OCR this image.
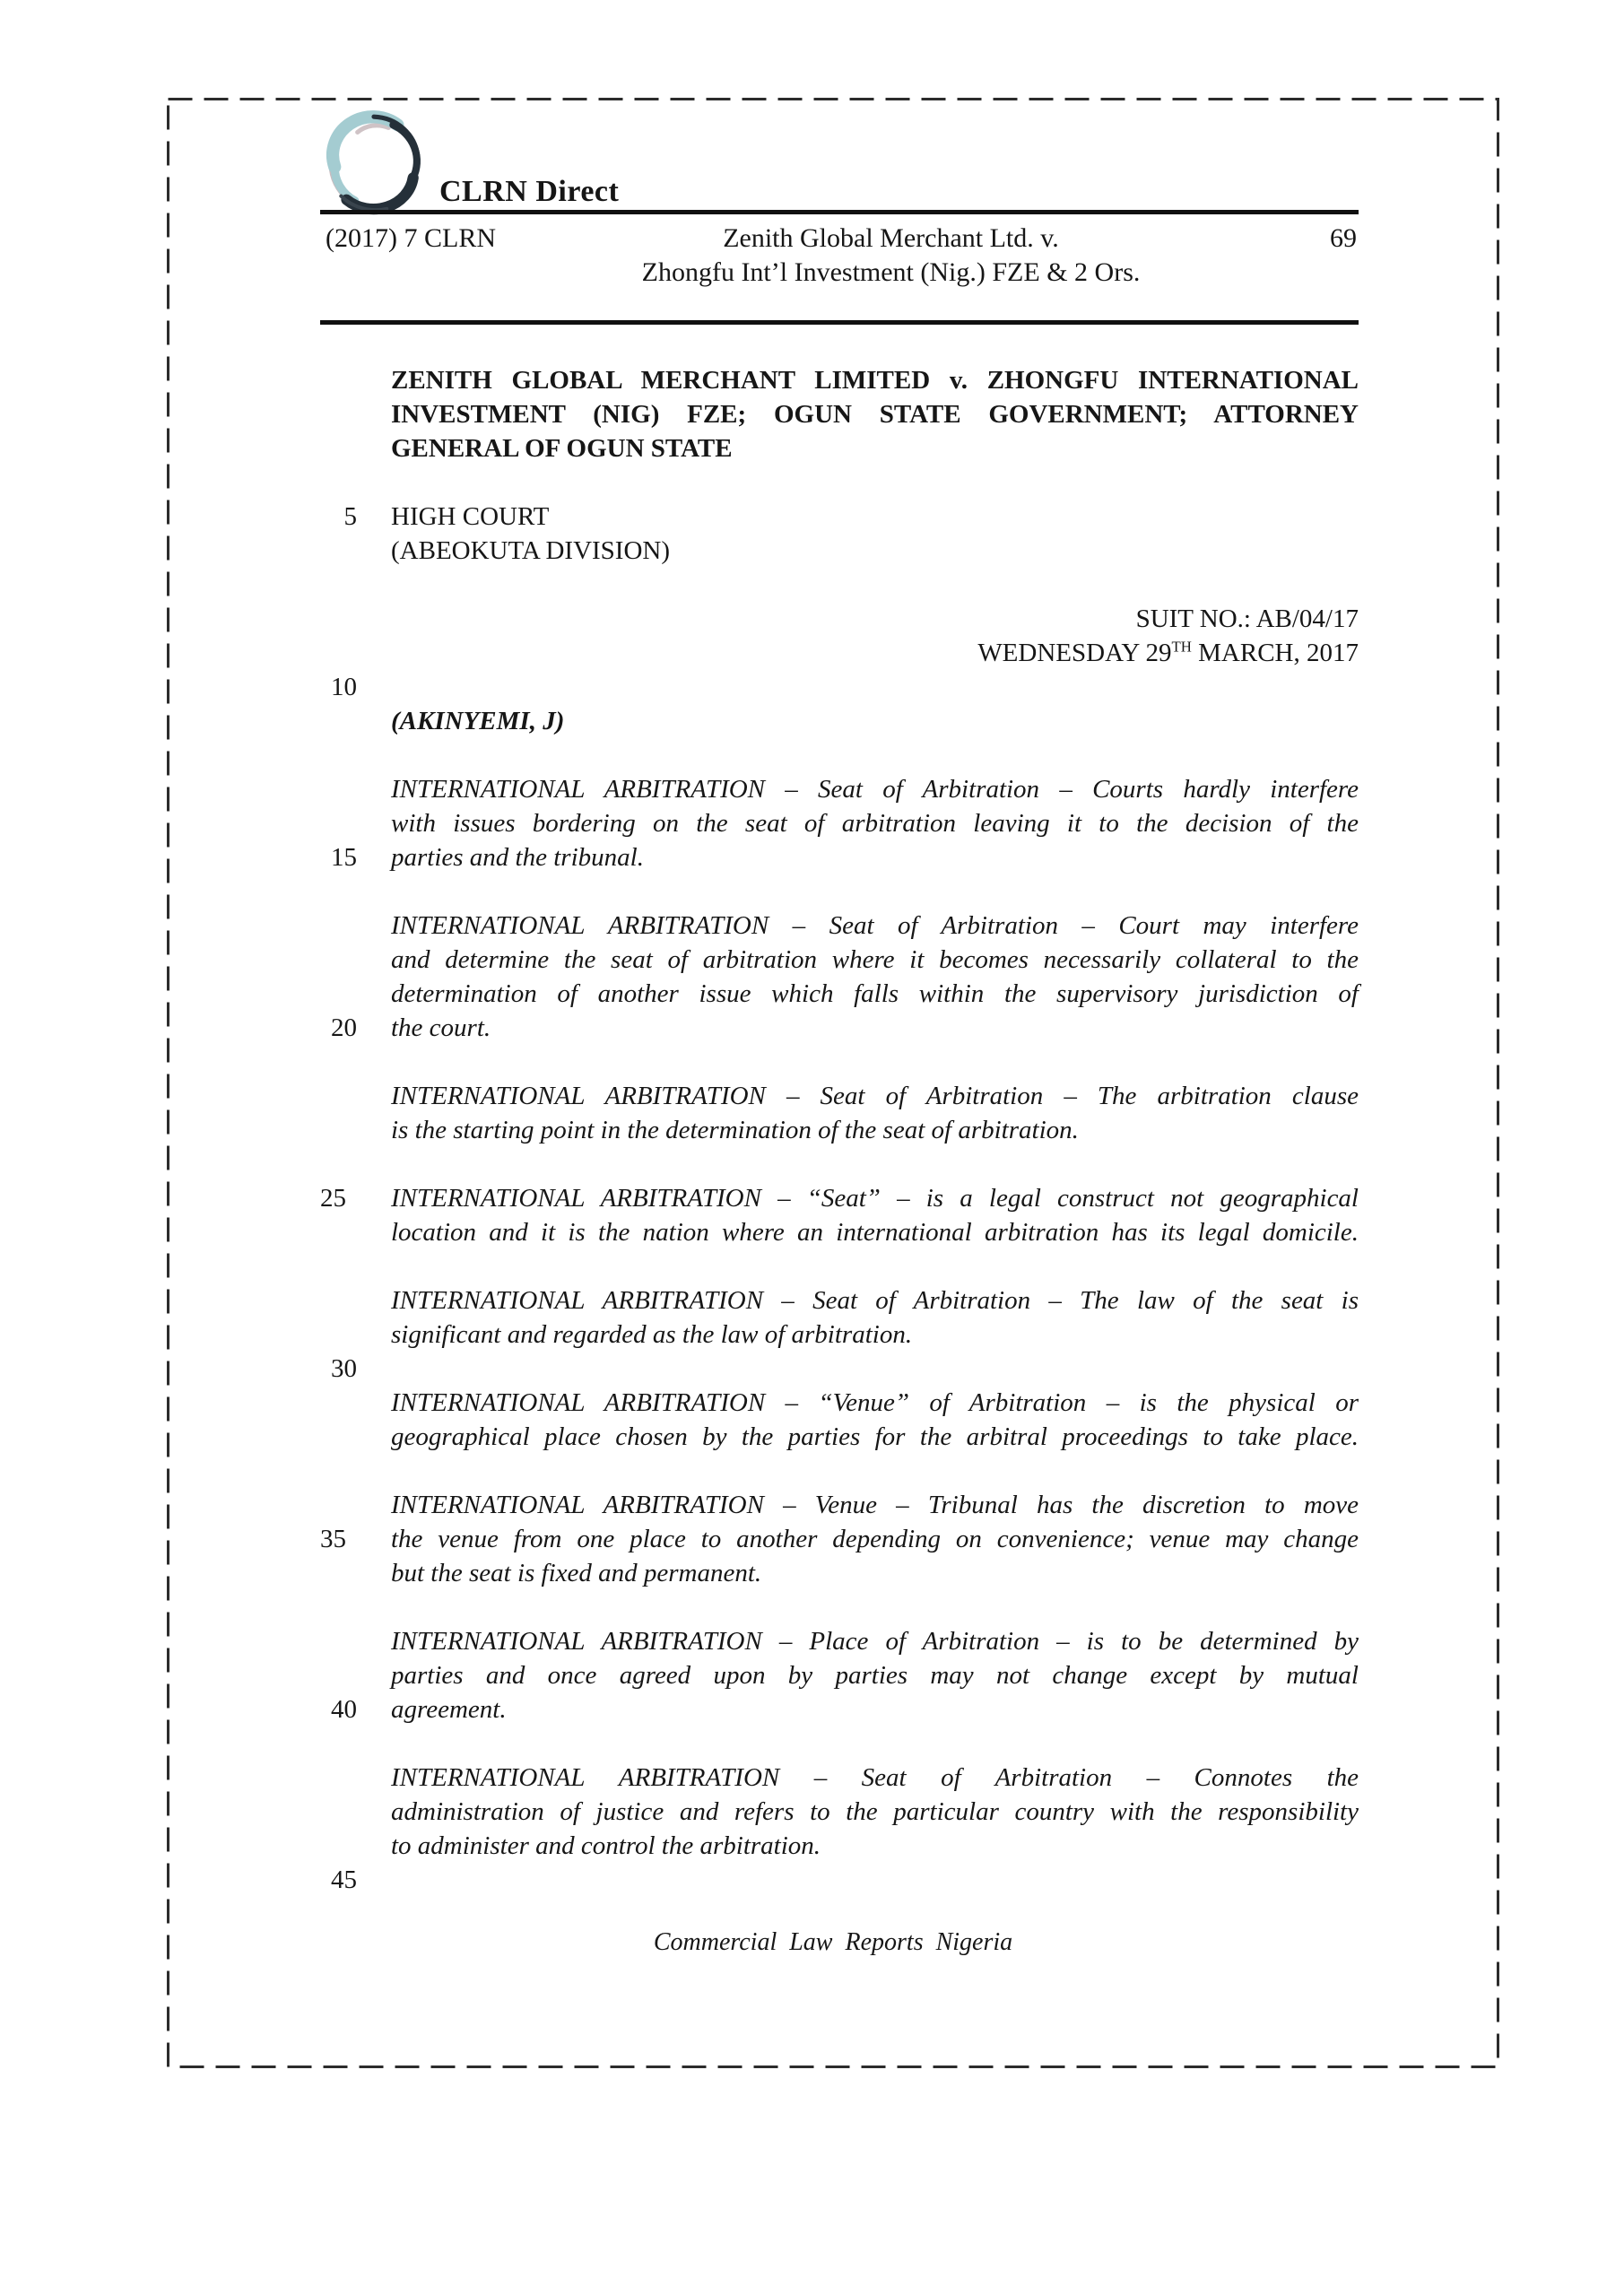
CLRN Direct
(2017) 7 CLRN	Zenith Global Merchant Ltd. v.	69
Zhongfu Int’l Investment (Nig.) FZE & 2 Ors.
ZENITH GLOBAL MERCHANT LIMITED v. ZHONGFU INTERNATIONAL
INVESTMENT (NIG) FZE; OGUN STATE GOVERNMENT; ATTORNEY
GENERAL OF OGUN STATE
5 HIGH COURT
(ABEOKUTA DIVISION)
SUIT NO.: AB/04/17
WEDNESDAY 29TH MARCH, 2017
10
(AKINYEMI, J)
INTERNATIONAL ARBITRATION – Seat of Arbitration – Courts hardly interfere
with issues bordering on the seat of arbitration leaving it to the decision of the
15 parties and the tribunal.
INTERNATIONAL ARBITRATION – Seat of Arbitration – Court may interfere
and determine the seat of arbitration where it becomes necessarily collateral to the
determination of another issue which falls within the supervisory jurisdiction of
20 the court.
INTERNATIONAL ARBITRATION – Seat of Arbitration – The arbitration clause
is the starting point in the determination of the seat of arbitration.
25	INTERNATIONAL ARBITRATION – “Seat” – is a legal construct not geographical
location and it is the nation where an international arbitration has its legal domicile.
INTERNATIONAL ARBITRATION – Seat of Arbitration – The law of the seat is
significant and regarded as the law of arbitration.
30
INTERNATIONAL ARBITRATION – “Venue” of Arbitration – is the physical or
geographical place chosen by the parties for the arbitral proceedings to take place.
INTERNATIONAL ARBITRATION – Venue – Tribunal has the discretion to move
35	the venue from one place to another depending on convenience; venue may change
but the seat is fixed and permanent.
INTERNATIONAL ARBITRATION – Place of Arbitration – is to be determined by
parties and once agreed upon by parties may not change except by mutual
40 agreement.
INTERNATIONAL ARBITRATION – Seat of Arbitration – Connotes the
administration of justice and refers to the particular country with the responsibility
to administer and control the arbitration.
45
Commercial Law Reports Nigeria
